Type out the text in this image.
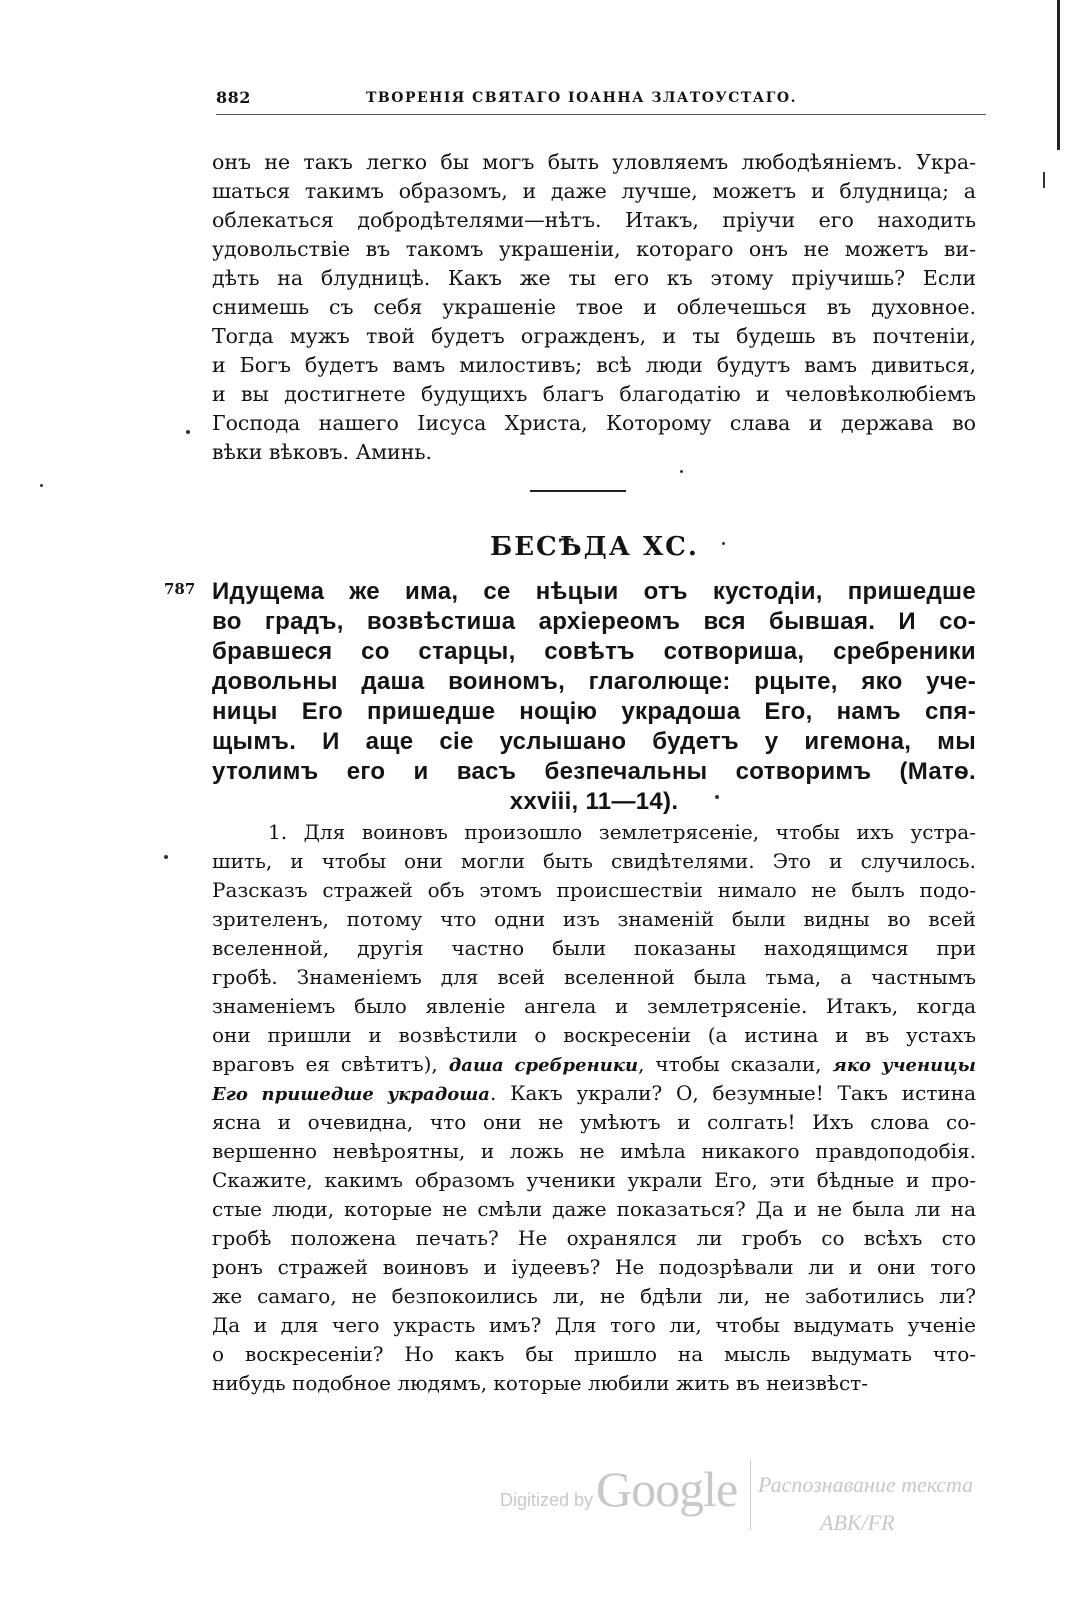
882	ТВОРЕНІЯ СВЯТАГО ІОАННА ЗЛАТОУСТАГО.
онъ не такъ легко бы могъ быть уловляемъ любодѣяніемъ. Укра-
шаться такимъ образомъ, и даже лучше, можетъ и блудница; а
облекаться добродѣтелями—нѣтъ. Итакъ, пріучи его находить
удовольствіе въ такомъ украшеніи, котораго онъ не можетъ ви-
дѣть на блудницѣ. Какъ же ты его къ этому пріучишь? Если
снимешь съ себя украшеніе твое и облечешься въ духовное.
Тогда мужъ твой будетъ огражденъ, и ты будешь въ почтеніи,
и Богъ будетъ вамъ милостивъ; всѣ люди будутъ вамъ дивиться,
и вы достигнете будущихъ благъ благодатію и человѣколюбіемъ
Господа нашего Іисуса Христа, Которому слава и держава во
вѣки вѣковъ. Аминь.
БЕСѢДА ХС.
787 Идущема же има, се нѣцыи отъ кустодіи, пришедше
во градъ, возвѣстиша архіереомъ вся бывшая. И со-
бравшеся со старцы, совѣтъ сотвориша, сребреники
довольны даша воиномъ, глаголюще: рцыте, яко уче-
ницы Его пришедше нощію украдоша Его, намъ спя-
щымъ. И аще сіе услышано будетъ у игемона, мы
утолимъ его и васъ безпечальны сотворимъ (Матѳ.
xxviii, 11—14).
1. Для воиновъ произошло землетрясеніе, чтобы ихъ устра-
шить, и чтобы они могли быть свидѣтелями. Это и случилось.
Разсказъ стражей объ этомъ происшествіи нимало не былъ подо-
зрителенъ, потому что одни изъ знаменій были видны во всей
вселенной, другія частно были показаны находящимся при
гробѣ. Знаменіемъ для всей вселенной была тьма, а частнымъ
знаменіемъ было явленіе ангела и землетрясеніе. Итакъ, когда
они пришли и возвѣстили о воскресеніи (а истина и въ устахъ
враговъ ея свѣтитъ), даша сребреники, чтобы сказали, яко ученицы
Его пришедше украдоша. Какъ украли? О, безумные! Такъ истина
ясна и очевидна, что они не умѣютъ и солгать! Ихъ слова со-
вершенно невѣроятны, и ложь не имѣла никакого правдоподобія.
Скажите, какимъ образомъ ученики украли Его, эти бѣдные и про-
стые люди, которые не смѣли даже показаться? Да и не была ли на
гробѣ положена печать? Не охранялся ли гробъ со всѣхъ сто
ронъ стражей воиновъ и іудеевъ? Не подозрѣвали ли и они того
же самаго, не безпокоились ли, не бдѣли ли, не заботились ли?
Да и для чего украсть имъ? Для того ли, чтобы выдумать ученіе
о воскресеніи? Но какъ бы пришло на мысль выдумать что-
нибудь подобное людямъ, которые любили жить въ неизвѣст-
Digitized by Google Распознавание текста
ABK/FR
